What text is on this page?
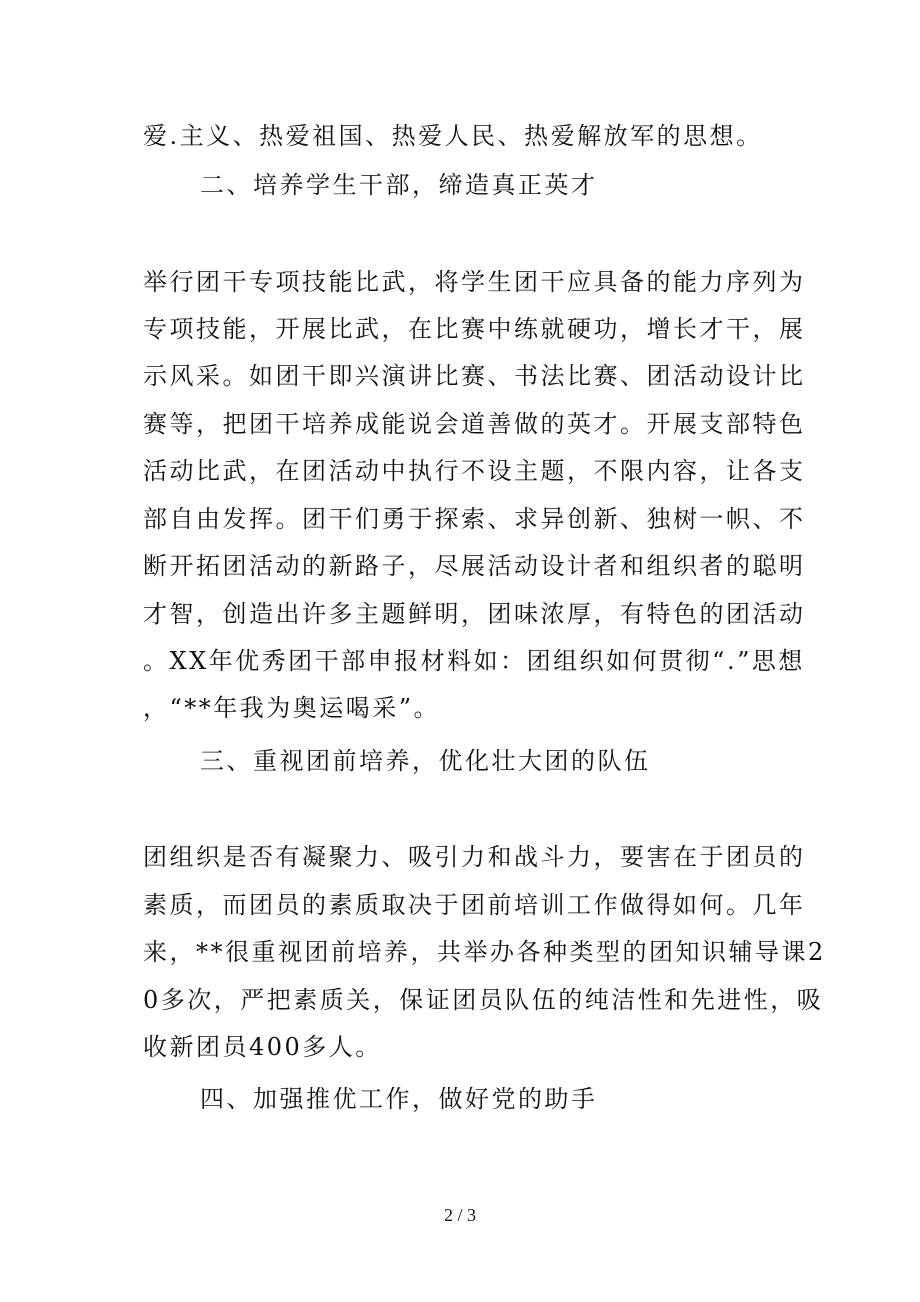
爱.主义、热爱祖国、热爱人民、热爱解放军的思想。
二、培养学生干部，缔造真正英才
举行团干专项技能比武，将学生团干应具备的能力序列为
专项技能，开展比武，在比赛中练就硬功，增长才干，展
示风采。如团干即兴演讲比赛、书法比赛、团活动设计比
赛等，把团干培养成能说会道善做的英才。开展支部特色
活动比武，在团活动中执行不设主题，不限内容，让各支
部自由发挥。团干们勇于探索、求异创新、独树一帜、不
断开拓团活动的新路子，尽展活动设计者和组织者的聪明
才智，创造出许多主题鲜明，团味浓厚，有特色的团活动
。XX年优秀团干部申报材料如：团组织如何贯彻“.”思想
，“**年我为奥运喝采”。
三、重视团前培养，优化壮大团的队伍
团组织是否有凝聚力、吸引力和战斗力，要害在于团员的
素质，而团员的素质取决于团前培训工作做得如何。几年
来，**很重视团前培养，共举办各种类型的团知识辅导课2
0多次，严把素质关，保证团员队伍的纯洁性和先进性，吸
收新团员400多人。
四、加强推优工作，做好党的助手
2 / 3
